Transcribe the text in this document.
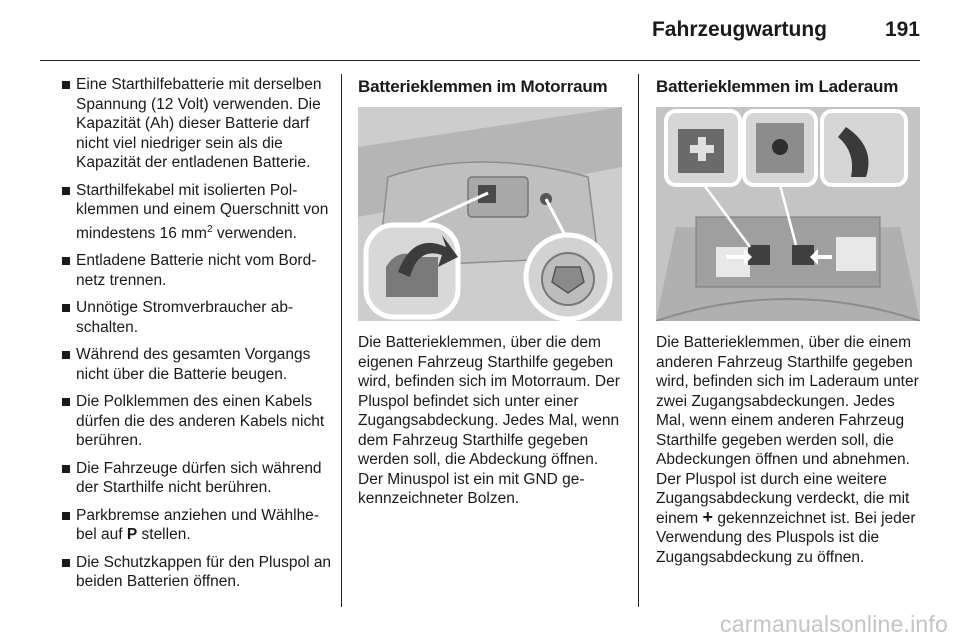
Fahrzeugwartung	191
Eine Starthilfebatterie mit derselben Spannung (12 Volt) verwenden. Die Kapazität (Ah) dieser Batterie darf nicht viel niedriger sein als die Kapazität der entladenen Batterie.
Starthilfekabel mit isolierten Polklemmen und einem Querschnitt von mindestens 16 $mm^2$ verwenden.
Entladene Batterie nicht vom Bordnetz trennen.
Unnötige Stromverbraucher abschalten.
Während des gesamten Vorgangs nicht über die Batterie beugen.
Die Polklemmen des einen Kabels dürfen die des anderen Kabels nicht berühren.
Die Fahrzeuge dürfen sich während der Starthilfe nicht berühren.
Parkbremse anziehen und Wählhebel auf P stellen.
Die Schutzkappen für den Pluspol an beiden Batterien öffnen.
Batterieklemmen im Motorraum

Die Batterieklemmen, über die dem eigenen Fahrzeug Starthilfe gegeben wird, befinden sich im Motorraum. Der Pluspol befindet sich unter einer Zugangsabdeckung. Jedes Mal, wenn dem Fahrzeug Starthilfe gegeben werden soll, die Abdeckung öffnen. Der Minuspol ist ein mit GND gekennzeichneter Bolzen.

Batterieklemmen im Laderaum

Die Batterieklemmen, über die einem anderen Fahrzeug Starthilfe gegeben wird, befinden sich im Laderaum unter zwei Zugangsabdeckungen. Jedes Mal, wenn einem anderen Fahrzeug Starthilfe gegeben werden soll, die Abdeckungen öffnen und abnehmen. Der Pluspol ist durch eine weitere Zugangsabdeckung verdeckt, die mit einem + gekennzeichnet ist. Bei jeder Verwendung des Pluspols ist die Zugangsabdeckung zu öffnen.

carmanualsonline.info
